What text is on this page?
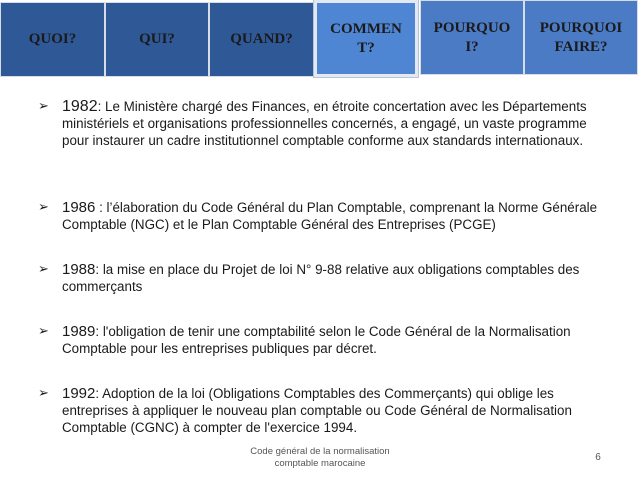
QUOI?	QUI?	QUAND?
COMMEN
T?
POURQUO
I?
POURQUOI
FAIRE?
➢ 1982: Le Ministère chargé des Finances, en étroite concertation avec les Départements ministériels et organisations professionnelles concernés, a engagé, un vaste programme pour instaurer un cadre institutionnel comptable conforme aux standards internationaux.

➢ 1986 : l’élaboration du Code Général du Plan Comptable, comprenant la Norme Générale Comptable (NGC) et le Plan Comptable Général des Entreprises (PCGE)

➢ 1988: la mise en place du Projet de loi N° 9-88 relative aux obligations comptables des commerçants

➢ 1989: l'obligation de tenir une comptabilité selon le Code Général de la Normalisation Comptable pour les entreprises publiques par décret.

➢ 1992: Adoption de la loi (Obligations Comptables des Commerçants) qui oblige les entreprises à appliquer le nouveau plan comptable ou Code Général de Normalisation Comptable (CGNC) à compter de l'exercice 1994.

Code général de la normalisation
comptable marocaine
6
